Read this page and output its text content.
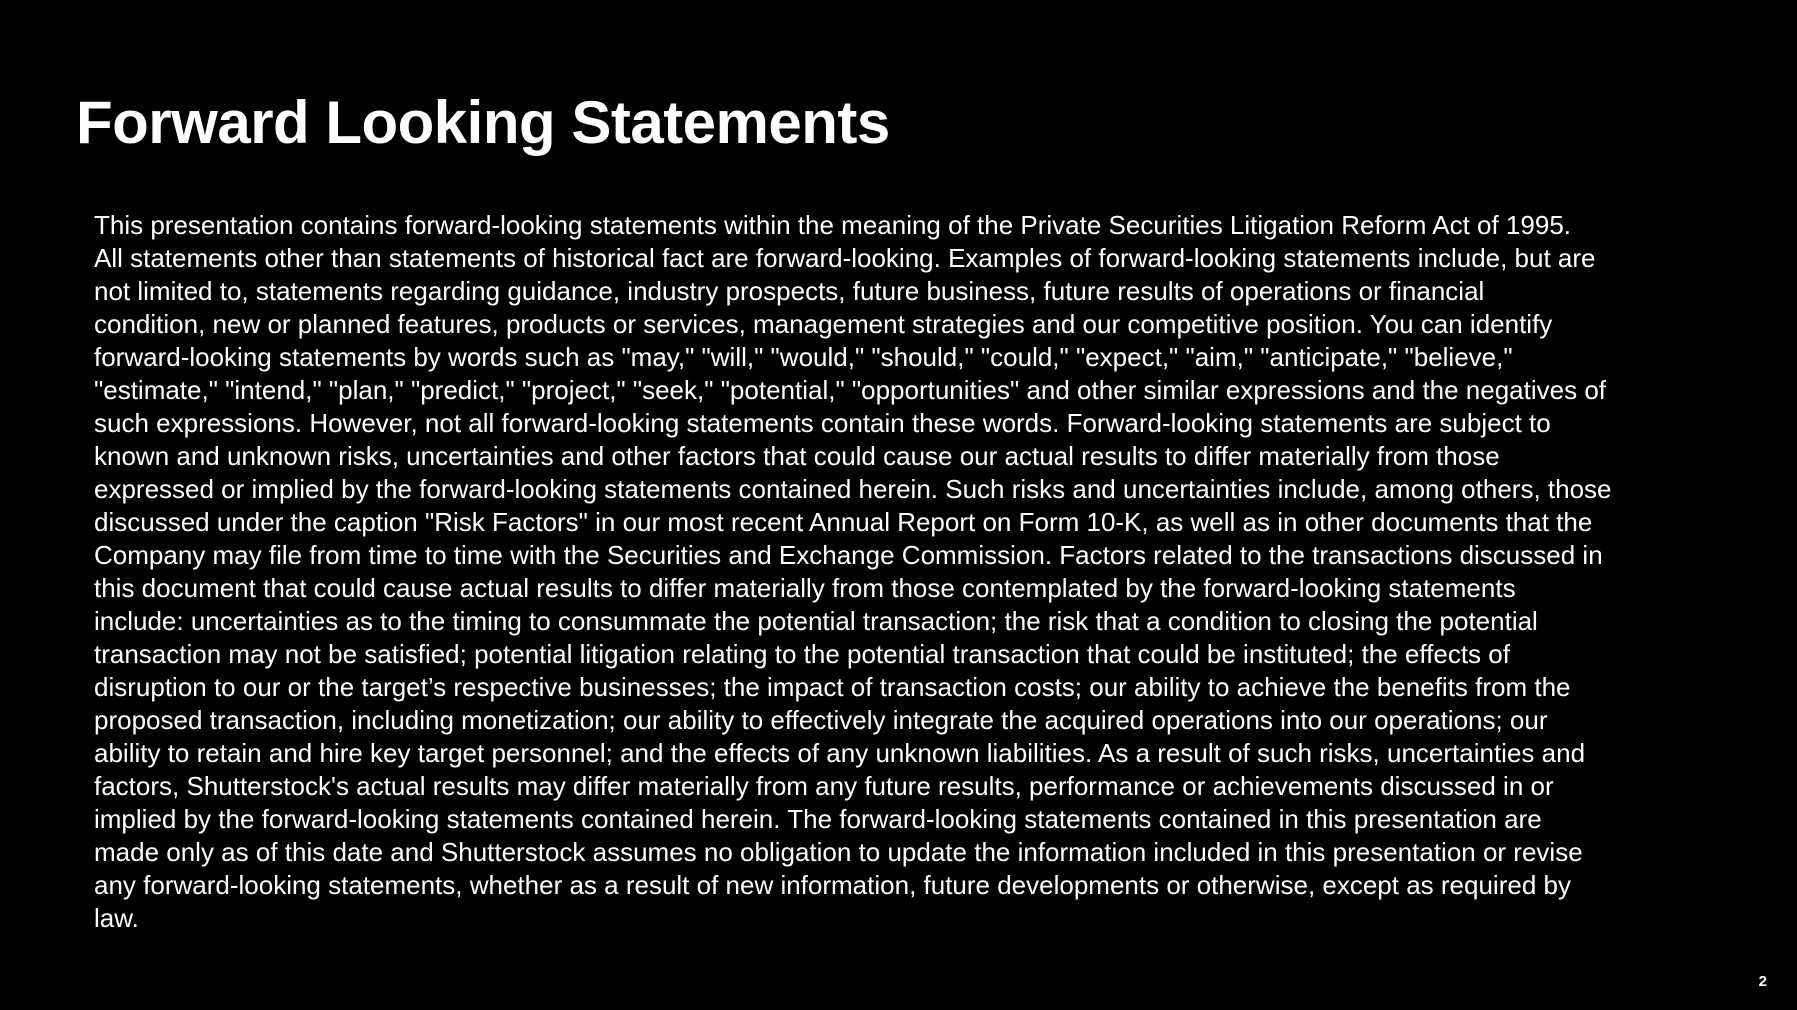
Forward Looking Statements
This presentation contains forward-looking statements within the meaning of the Private Securities Litigation Reform Act of 1995.
All statements other than statements of historical fact are forward-looking. Examples of forward-looking statements include, but are
not limited to, statements regarding guidance, industry prospects, future business, future results of operations or financial
condition, new or planned features, products or services, management strategies and our competitive position. You can identify
forward-looking statements by words such as "may," "will," "would," "should," "could," "expect," "aim," "anticipate," "believe,"
"estimate," "intend," "plan," "predict," "project," "seek," "potential," "opportunities" and other similar expressions and the negatives of
such expressions. However, not all forward-looking statements contain these words. Forward-looking statements are subject to
known and unknown risks, uncertainties and other factors that could cause our actual results to differ materially from those
expressed or implied by the forward-looking statements contained herein. Such risks and uncertainties include, among others, those
discussed under the caption "Risk Factors" in our most recent Annual Report on Form 10-K, as well as in other documents that the
Company may file from time to time with the Securities and Exchange Commission. Factors related to the transactions discussed in
this document that could cause actual results to differ materially from those contemplated by the forward-looking statements
include: uncertainties as to the timing to consummate the potential transaction; the risk that a condition to closing the potential
transaction may not be satisfied; potential litigation relating to the potential transaction that could be instituted; the effects of
disruption to our or the target’s respective businesses; the impact of transaction costs; our ability to achieve the benefits from the
proposed transaction, including monetization; our ability to effectively integrate the acquired operations into our operations; our
ability to retain and hire key target personnel; and the effects of any unknown liabilities. As a result of such risks, uncertainties and
factors, Shutterstock's actual results may differ materially from any future results, performance or achievements discussed in or
implied by the forward-looking statements contained herein. The forward-looking statements contained in this presentation are
made only as of this date and Shutterstock assumes no obligation to update the information included in this presentation or revise
any forward-looking statements, whether as a result of new information, future developments or otherwise, except as required by
law.
2
